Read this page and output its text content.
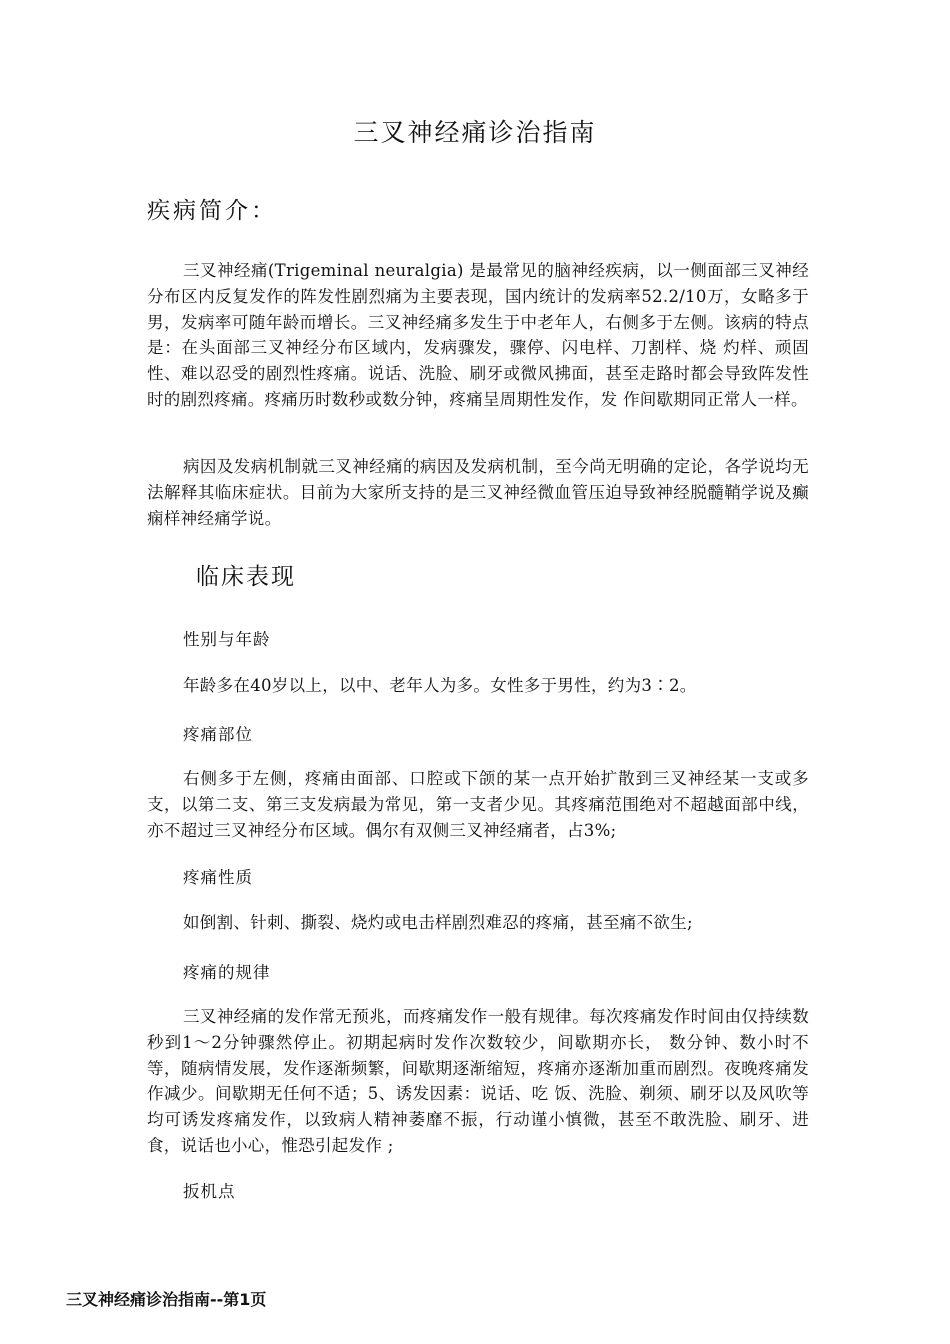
三叉神经痛诊治指南
疾病简介：

三叉神经痛(Trigeminal neuralgia) 是最常见的脑神经疾病，以一侧面部三叉神经分布区内反复发作的阵发性剧烈痛为主要表现，国内统计的发病率52.2/10万，女略多于 男，发病率可随年龄而增长。三叉神经痛多发生于中老年人，右侧多于左侧。该病的特点是：在头面部三叉神经分布区域内，发病骤发，骤停、闪电样、刀割样、烧 灼样、顽固性、难以忍受的剧烈性疼痛。说话、洗脸、刷牙或微风拂面，甚至走路时都会导致阵发性时的剧烈疼痛。疼痛历时数秒或数分钟，疼痛呈周期性发作，发 作间歇期同正常人一样。

病因及发病机制就三叉神经痛的病因及发病机制，至今尚无明确的定论，各学说均无法解释其临床症状。目前为大家所支持的是三叉神经微血管压迫导致神经脱髓鞘学说及癫痫样神经痛学说。

临床表现
性别与年龄

年龄多在40岁以上，以中、老年人为多。女性多于男性，约为3∶2。

疼痛部位

右侧多于左侧，疼痛由面部、口腔或下颌的某一点开始扩散到三叉神经某一支或多支，以第二支、第三支发病最为常见，第一支者少见。其疼痛范围绝对不超越面部中线，亦不超过三叉神经分布区域。偶尔有双侧三叉神经痛者，占3%;

疼痛性质

如倒割、针刺、撕裂、烧灼或电击样剧烈难忍的疼痛，甚至痛不欲生;

疼痛的规律

三叉神经痛的发作常无预兆，而疼痛发作一般有规律。每次疼痛发作时间由仅持续数秒到1～2分钟骤然停止。初期起病时发作次数较少，间歇期亦长， 数分钟、数小时不等，随病情发展，发作逐渐频繁，间歇期逐渐缩短，疼痛亦逐渐加重而剧烈。夜晚疼痛发作减少。间歇期无任何不适；5、诱发因素：说话、吃 饭、洗脸、剃须、刷牙以及风吹等均可诱发疼痛发作，以致病人精神萎靡不振，行动谨小慎微，甚至不敢洗脸、刷牙、进食，说话也小心，惟恐引起发作 ;

扳机点
三叉神经痛诊治指南--第1页
